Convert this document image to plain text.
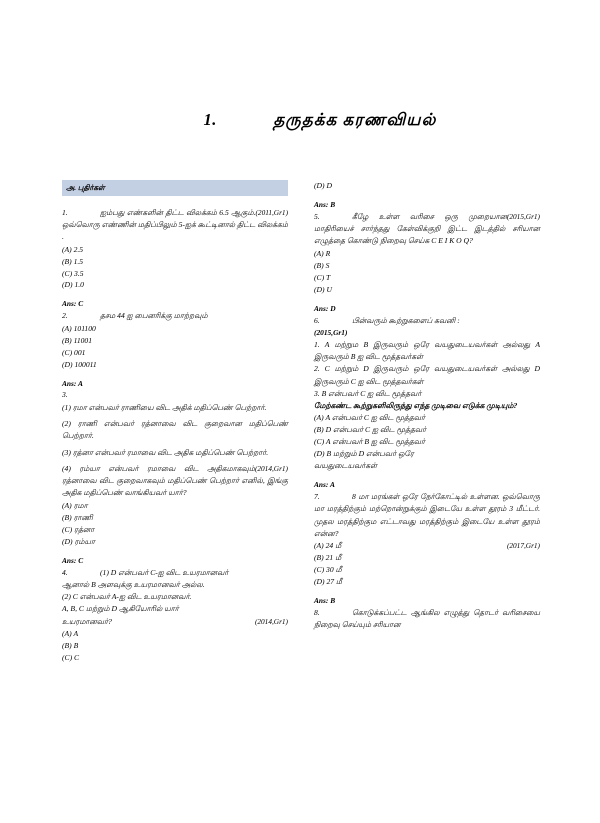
1.	தருதக்க கரணவியல்
அ. புதிர்கள்

1.	(2011,Gr1)
ஐம்பது எண்களின் திட்ட விலக்கம் 6.5 ஆகும். ஒவ்வொரு எண்ணின் மதிப்பிலும் 5-ஐக் கூட்டினால் திட்ட விலக்கம் .

(A) 2.5

(B) 1.5

(C) 3.5

(D) 1.0

Ans: C

2.	தசம 44 ஐ பைனரிக்கு மாற்றவும்

(A) 101100

(B) 11001

(C) 001

(D) 100011

Ans: A

3.

(1) ரமா என்பவர் ராணியை விட அதிக் மதிப்பெண் பெற்றார்.

(2) ராணி என்பவர் ரத்னாவை விட குறைவான மதிப்பெண் பெற்றார்.

(3) ரத்னா என்பவர் ரமாவை விட அதிக மதிப்பெண் பெற்றார்.

(2014,Gr1)
(4) ரம்யா என்பவர் ரமாவை விட அதிகமாகவும் ரத்னாவை விட குறைவாகவும் மதிப்பெண் பெற்றார் எனில், இங்கு அதிக மதிப்பெண் வாங்கியவர் யார்?

(A) ரமா

(B) ராணி

(C) ரத்னா

(D) ரம்யா

Ans: C

4.	(1) D என்பவர் C-ஐ விட உயரமானவர்

ஆனால் B அளவுக்கு உயரமானவர் அல்ல.

(2) C என்பவர் A-ஐ விட உயரமானவர்.

A, B, C மற்றும் D ஆகியோரில் யார்

(2014,Gr1)
உயரமானவர்?

(A) A

(B) B

(C) C

(D) D

Ans: B

5.	(2015,Gr1)
கீழே உள்ள வரிசை ஒரு முறையான மாதிரியைச் சார்ந்தது கேள்விக்குறி இட்ட இடத்தில் சரியான எழுத்தை கொண்டு நிறைவு செய்க C E I K O Q?

(A) R

(B) S

(C) T

(D) U

Ans: D

6.	பின்வரும் கூற்றுகளைப் கவனி :

(2015,Gr1)

1. A மற்றும B இருவரும் ஒரே வயதுடையவர்கள் அல்லது A இருவரும் B ஐ விட மூத்தவர்கள்

2. C மற்றும் D இருவரும் ஒரே வயதுடையவர்கள் அல்லது D இருவரும் C ஐ விட மூத்தவர்கள்

3. B என்பவர் C ஐ விட மூத்தவர்

மேற்கண்ட கூற்றுகளிலிருந்து எந்த முடிவை எடுக்க முடியும்?

(A) A என்பவர் C ஐ விட மூத்தவர்

(B) D என்பவர் C ஐ விட மூத்தவர்

(C) A என்பவர் B ஐ விட மூத்தவர்

(D) B மற்றும் D என்பவர் ஒரே

வயதுடையவர்கள்

Ans: A

7.	8 மா மரங்கள் ஒரே நேர்கோட்டில் உள்ளன. ஒவ்வொரு மா மரத்திற்கும் மற்றொன்றுக்கும் இடையே உள்ள தூரம் 3 மீட்டர். முதல மரத்திற்கும எட்டாவது மரத்திற்கும் இடையே உள்ள தூரம் என்ன?

(2017,Gr1)
(A) 24 மீ

(B) 21 மீ

(C) 30 மீ

(D) 27 மீ

Ans: B

8.	கொடுக்கப்பட்ட ஆங்கில எழுத்து தொடர் வரிசையை நிறைவு செய்யும் சரியான
